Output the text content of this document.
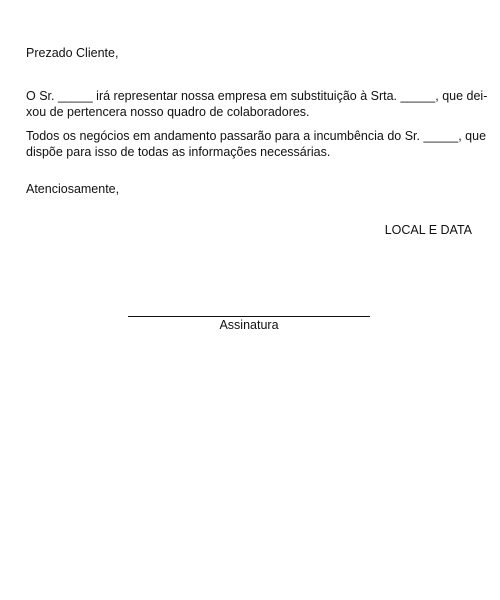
Prezado Cliente,

O Sr. _____ irá representar nossa empresa em substituição à Srta. _____, que dei-
xou de pertencera nosso quadro de colaboradores.
Todos os negócios em andamento passarão para a incumbência do Sr. _____, que
dispõe para isso de todas as informações necessárias.

Atenciosamente,

LOCAL E DATA

Assinatura
